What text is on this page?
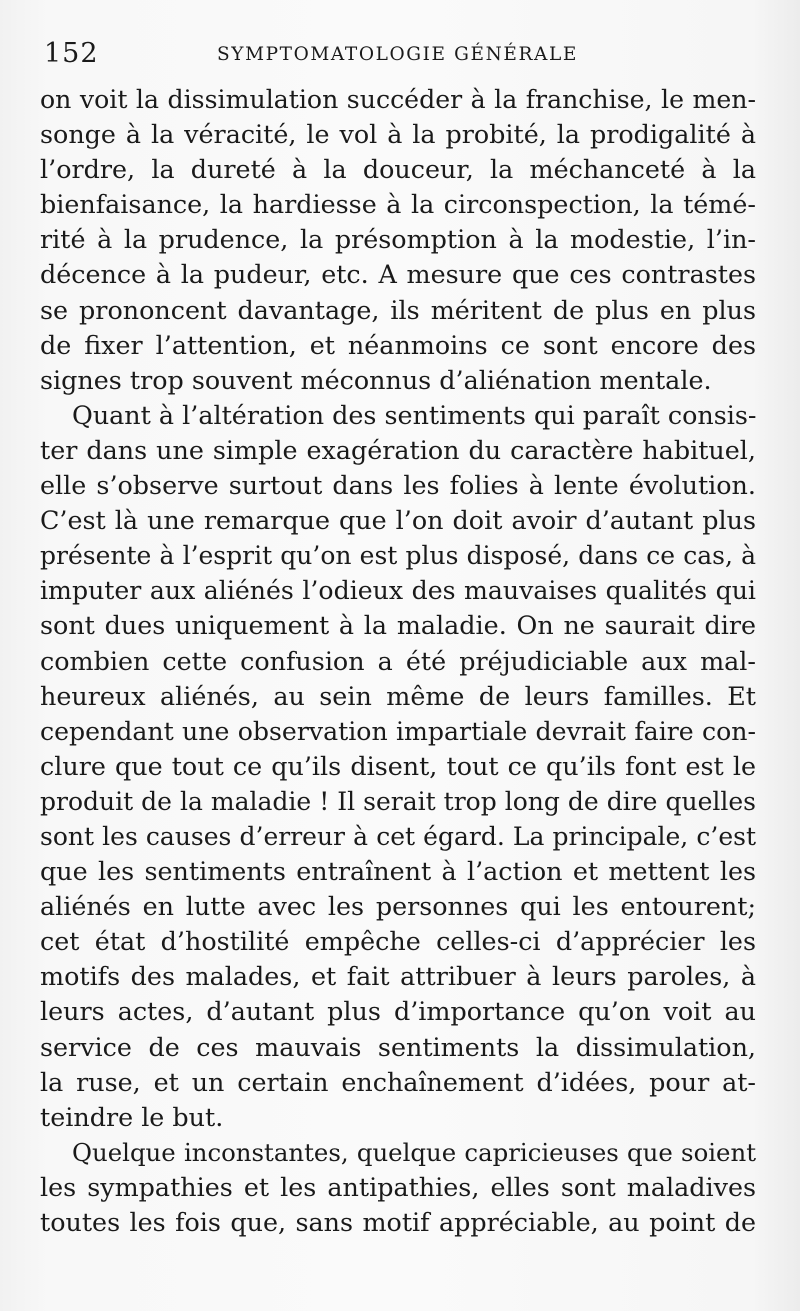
152	SYMPTOMATOLOGIE GÉNÉRALE

on voit la dissimulation succéder à la franchise, le men-
songe à la véracité, le vol à la probité, la prodigalité à
l’ordre, la dureté à la douceur, la méchanceté à la
bienfaisance, la hardiesse à la circonspection, la témé-
rité à la prudence, la présomption à la modestie, l’in-
décence à la pudeur, etc. A mesure que ces contrastes
se prononcent davantage, ils méritent de plus en plus
de fixer l’attention, et néanmoins ce sont encore des
signes trop souvent méconnus d’aliénation mentale.

Quant à l’altération des sentiments qui paraît consis-
ter dans une simple exagération du caractère habituel,
elle s’observe surtout dans les folies à lente évolution.
C’est là une remarque que l’on doit avoir d’autant plus
présente à l’esprit qu’on est plus disposé, dans ce cas, à
imputer aux aliénés l’odieux des mauvaises qualités qui
sont dues uniquement à la maladie. On ne saurait dire
combien cette confusion a été préjudiciable aux mal-
heureux aliénés, au sein même de leurs familles. Et
cependant une observation impartiale devrait faire con-
clure que tout ce qu’ils disent, tout ce qu’ils font est le
produit de la maladie ! Il serait trop long de dire quelles
sont les causes d’erreur à cet égard. La principale, c’est
que les sentiments entraînent à l’action et mettent les
aliénés en lutte avec les personnes qui les entourent;
cet état d’hostilité empêche celles-ci d’apprécier les
motifs des malades, et fait attribuer à leurs paroles, à
leurs actes, d’autant plus d’importance qu’on voit au
service de ces mauvais sentiments la dissimulation,
la ruse, et un certain enchaînement d’idées, pour at-
teindre le but.

Quelque inconstantes, quelque capricieuses que soient
les sympathies et les antipathies, elles sont maladives
toutes les fois que, sans motif appréciable, au point de
